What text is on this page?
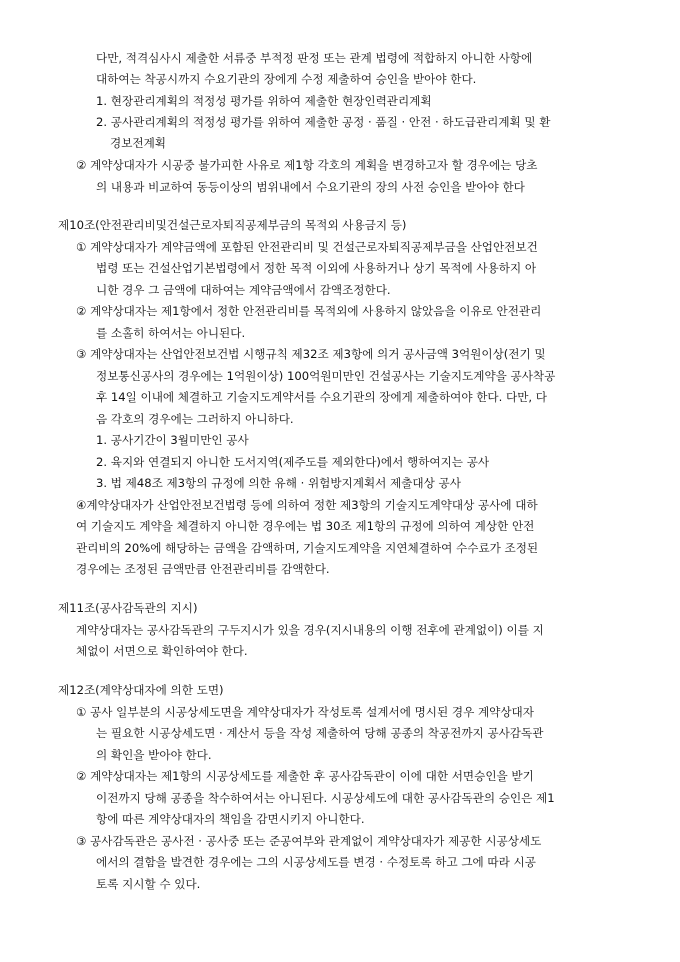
다만, 적격심사시 제출한 서류중 부적정 판정 또는 관계 법령에 적합하지 아니한 사항에
대하여는 착공시까지 수요기관의 장에게 수정 제출하여 승인을 받아야 한다.
1. 현장관리계획의 적정성 평가를 위하여 제출한 현장인력관리계획
2. 공사관리계획의 적정성 평가를 위하여 제출한 공정 · 품질 · 안전 · 하도급관리계획 및 환
경보전계획
② 계약상대자가 시공중 불가피한 사유로 제1항 각호의 계획을 변경하고자 할 경우에는 당초
의 내용과 비교하여 동등이상의 범위내에서 수요기관의 장의 사전 승인을 받아야 한다
제10조(안전관리비및건설근로자퇴직공제부금의 목적외 사용금지 등)
① 계약상대자가 계약금액에 포함된 안전관리비 및 건설근로자퇴직공제부금을 산업안전보건
법령 또는 건설산업기본법령에서 정한 목적 이외에 사용하거나 상기 목적에 사용하지 아
니한 경우 그 금액에 대하여는 계약금액에서 감액조정한다.
② 계약상대자는 제1항에서 정한 안전관리비를 목적외에 사용하지 않았음을 이유로 안전관리
를 소홀히 하여서는 아니된다.
③ 계약상대자는 산업안전보건법 시행규칙 제32조 제3항에 의거 공사금액 3억원이상(전기 및
정보통신공사의 경우에는 1억원이상) 100억원미만인 건설공사는 기술지도계약을 공사착공
후 14일 이내에 체결하고 기술지도계약서를 수요기관의 장에게 제출하여야 한다. 다만, 다
음 각호의 경우에는 그러하지 아니하다.
1. 공사기간이 3월미만인 공사
2. 육지와 연결되지 아니한 도서지역(제주도를 제외한다)에서 행하여지는 공사
3. 법 제48조 제3항의 규정에 의한 유해 · 위험방지계획서 제출대상 공사
④계약상대자가 산업안전보건법령 등에 의하여 정한 제3항의 기술지도계약대상 공사에 대하
여 기술지도 계약을 체결하지 아니한 경우에는 법 30조 제1항의 규정에 의하여 계상한 안전
관리비의 20%에 해당하는 금액을 감액하며, 기술지도계약을 지연체결하여 수수료가 조정된
경우에는 조정된 금액만큼 안전관리비를 감액한다.
제11조(공사감독관의 지시)
계약상대자는 공사감독관의 구두지시가 있을 경우(지시내용의 이행 전후에 관계없이) 이를 지
체없이 서면으로 확인하여야 한다.
제12조(계약상대자에 의한 도면)
① 공사 일부분의 시공상세도면을 계약상대자가 작성토록 설계서에 명시된 경우 계약상대자
는 필요한 시공상세도면 · 계산서 등을 작성 제출하여 당해 공종의 착공전까지 공사감독관
의 확인을 받아야 한다.
② 계약상대자는 제1항의 시공상세도를 제출한 후 공사감독관이 이에 대한 서면승인을 받기
이전까지 당해 공종을 착수하여서는 아니된다. 시공상세도에 대한 공사감독관의 승인은 제1
항에 따른 계약상대자의 책임을 감면시키지 아니한다.
③ 공사감독관은 공사전 · 공사중 또는 준공여부와 관계없이 계약상대자가 제공한 시공상세도
에서의 결함을 발견한 경우에는 그의 시공상세도를 변경 · 수정토록 하고 그에 따라 시공
토록 지시할 수 있다.
